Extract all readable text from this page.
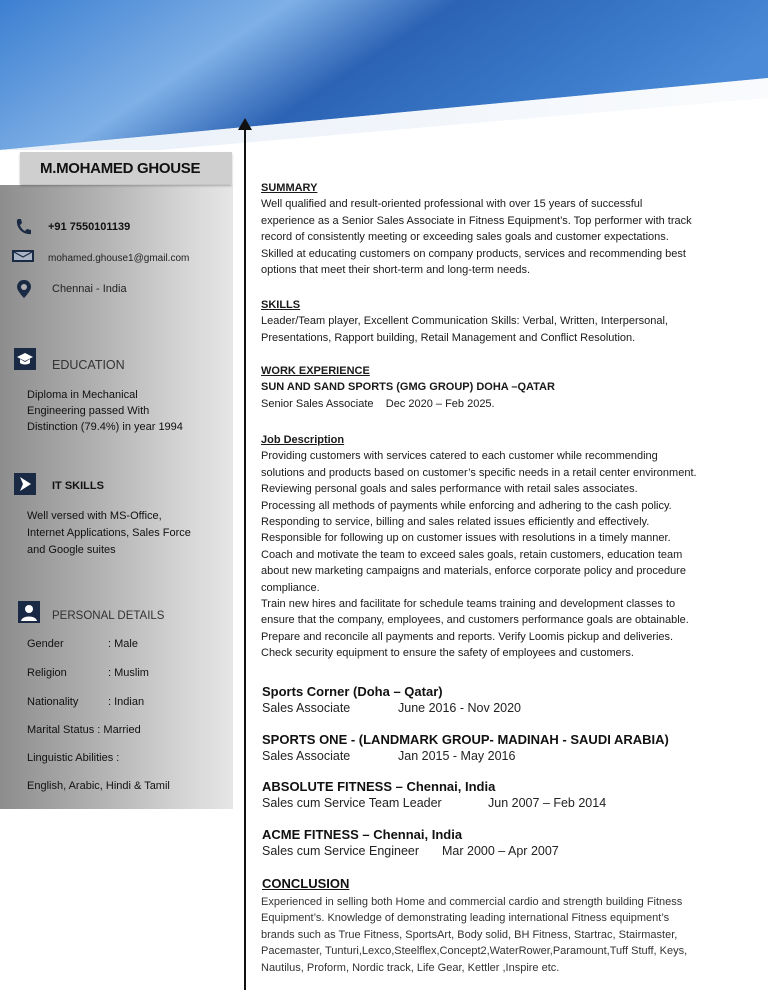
M.MOHAMED GHOUSE
+91 7550101139
mohamed.ghouse1@gmail.com
Chennai - India
EDUCATION
Diploma in Mechanical
Engineering passed With
Distinction (79.4%) in year 1994
IT SKILLS
Well versed with MS-Office,
Internet Applications, Sales Force
and Google suites
PERSONAL DETAILS
Gender	: Male
Religion	: Muslim
Nationality	: Indian
Marital Status : Married
Linguistic Abilities :
English, Arabic, Hindi & Tamil
SUMMARY
Well qualified and result-oriented professional with over 15 years of successful
experience as a Senior Sales Associate in Fitness Equipment’s. Top performer with track
record of consistently meeting or exceeding sales goals and customer expectations.
Skilled at educating customers on company products, services and recommending best
options that meet their short-term and long-term needs.
SKILLS
Leader/Team player, Excellent Communication Skills: Verbal, Written, Interpersonal,
Presentations, Rapport building, Retail Management and Conflict Resolution.
WORK EXPERIENCE
SUN AND SAND SPORTS (GMG GROUP) DOHA –QATAR
Senior Sales Associate Dec 2020 – Feb 2025.
Job Description
Providing customers with services catered to each customer while recommending
solutions and products based on customer’s specific needs in a retail center environment.
Reviewing personal goals and sales performance with retail sales associates.
Processing all methods of payments while enforcing and adhering to the cash policy.
Responding to service, billing and sales related issues efficiently and effectively.
Responsible for following up on customer issues with resolutions in a timely manner.
Coach and motivate the team to exceed sales goals, retain customers, education team
about new marketing campaigns and materials, enforce corporate policy and procedure
compliance.
Train new hires and facilitate for schedule teams training and development classes to
ensure that the company, employees, and customers performance goals are obtainable.
Prepare and reconcile all payments and reports. Verify Loomis pickup and deliveries.
Check security equipment to ensure the safety of employees and customers.
Sports Corner (Doha – Qatar)
Sales Associate	June 2016 - Nov 2020
SPORTS ONE - (LANDMARK GROUP- MADINAH - SAUDI ARABIA)
Sales Associate	Jan 2015 - May 2016
ABSOLUTE FITNESS – Chennai, India
Sales cum Service Team Leader	Jun 2007 – Feb 2014
ACME FITNESS – Chennai, India
Sales cum Service Engineer Mar 2000 – Apr 2007
CONCLUSION
Experienced in selling both Home and commercial cardio and strength building Fitness
Equipment’s. Knowledge of demonstrating leading international Fitness equipment’s
brands such as True Fitness, SportsArt, Body solid, BH Fitness, Startrac, Stairmaster,
Pacemaster, Tunturi,Lexco,Steelflex,Concept2,WaterRower,Paramount,Tuff Stuff, Keys,
Nautilus, Proform, Nordic track, Life Gear, Kettler ,Inspire etc.
